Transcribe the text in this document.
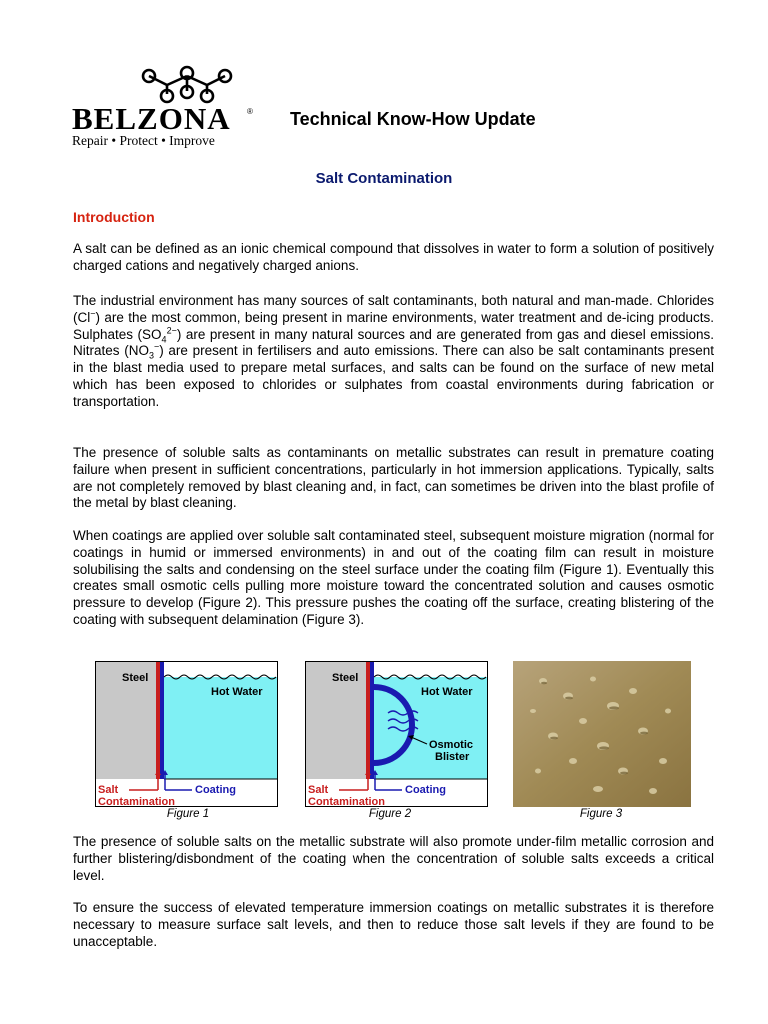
BELZONA ®
Repair • Protect • Improve
Technical Know-How Update
Salt Contamination
Introduction
A salt can be defined as an ionic chemical compound that dissolves in water to form a solution of positively charged cations and negatively charged anions.
The industrial environment has many sources of salt contaminants, both natural and man-made. Chlorides (Cl−) are the most common, being present in marine environments, water treatment and de-icing products. Sulphates $(SO_4^{2-})$ are present in many natural sources and are generated from gas and diesel emissions. Nitrates $(NO_3^-)$ are present in fertilisers and auto emissions. There can also be salt contaminants present in the blast media used to prepare metal surfaces, and salts can be found on the surface of new metal which has been exposed to chlorides or sulphates from coastal environments during fabrication or transportation.
The presence of soluble salts as contaminants on metallic substrates can result in premature coating failure when present in sufficient concentrations, particularly in hot immersion applications. Typically, salts are not completely removed by blast cleaning and, in fact, can sometimes be driven into the blast profile of the metal by blast cleaning.
When coatings are applied over soluble salt contaminated steel, subsequent moisture migration (normal for coatings in humid or immersed environments) in and out of the coating film can result in moisture solubilising the salts and condensing on the steel surface under the coating film (Figure 1). Eventually this creates small osmotic cells pulling more moisture toward the concentrated solution and causes osmotic pressure to develop (Figure 2). This pressure pushes the coating off the surface, creating blistering of the coating with subsequent delamination (Figure 3).
Steel
Hot Water
Salt
Contamination
Coating
Steel
Hot Water
Osmotic
Blister
Salt
Contamination
Coating
Figure 1	Figure 2	Figure 3
The presence of soluble salts on the metallic substrate will also promote under-film metallic corrosion and further blistering/disbondment of the coating when the concentration of soluble salts exceeds a critical level.
To ensure the success of elevated temperature immersion coatings on metallic substrates it is therefore necessary to measure surface salt levels, and then to reduce those salt levels if they are found to be unacceptable.
